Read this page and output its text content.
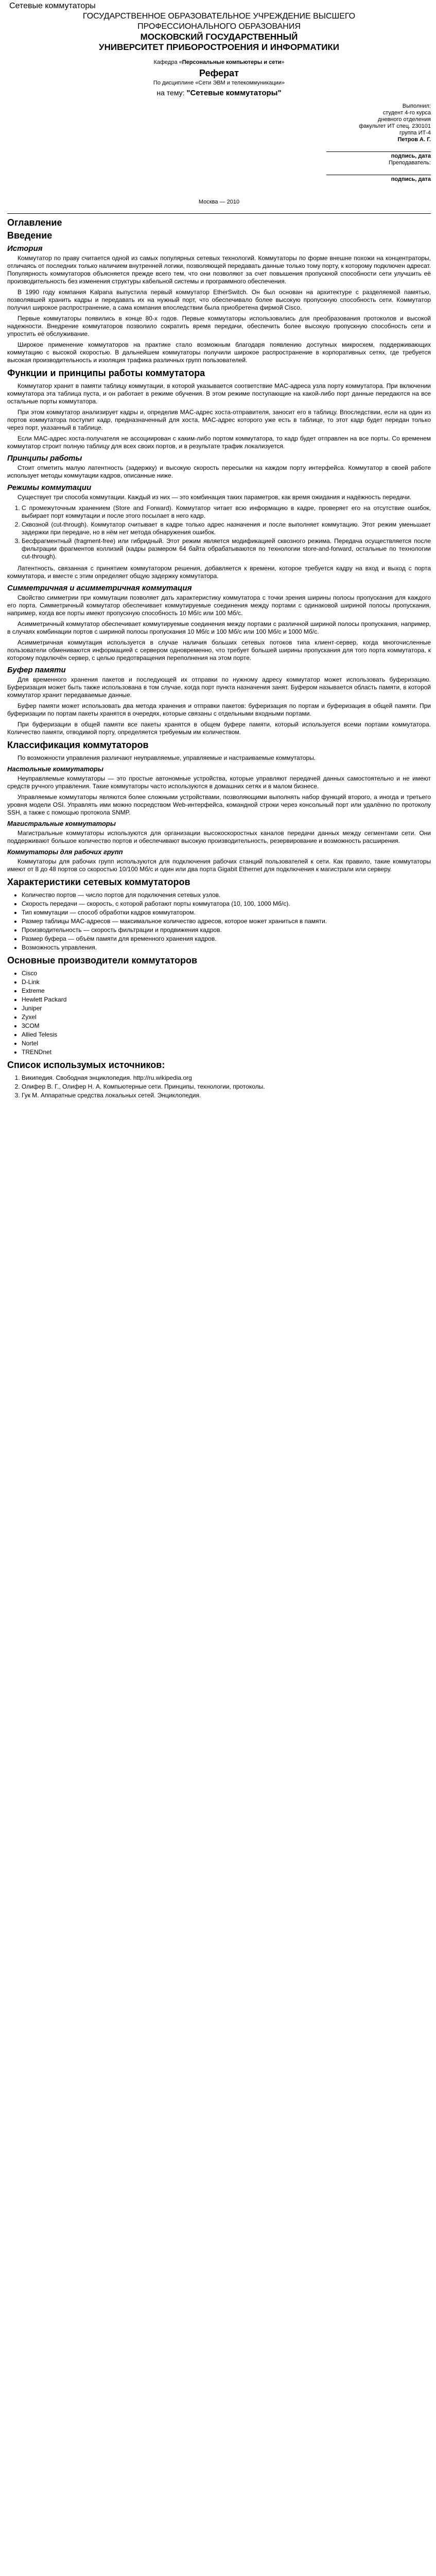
Сетевые коммутаторы
ГОСУДАРСТВЕННОЕ ОБРАЗОВАТЕЛЬНОЕ УЧРЕЖДЕНИЕ ВЫСШЕГО
ПРОФЕССИОНАЛЬНОГО ОБРАЗОВАНИЯ
МОСКОВСКИЙ ГОСУДАРСТВЕННЫЙ
УНИВЕРСИТЕТ ПРИБОРОСТРОЕНИЯ И ИНФОРМАТИКИ
Кафедра «Персональные компьютеры и сети»
Реферат
По дисциплине «Сети ЭВМ и телекоммуникации»
на тему: "Сетевые коммутаторы"
Выполнил:
студент 4-го курса
дневного отделения
факультет ИТ спец. 230101
группа ИТ-4
Петров А. Г.
подпись, дата
Преподаватель:
подпись, дата
Москва — 2010
Оглавление
Введение
История

Коммутатор по праву считается одной из самых популярных сетевых технологий. Коммутаторы по форме внешне похожи на концентраторы, отличаясь от последних только наличием внутренней логики, позволяющей передавать данные только тому порту, к которому подключен адресат. Популярность коммутаторов объясняется прежде всего тем, что они позволяют за счет повышения пропускной способности сети улучшить её производительность без изменения структуры кабельной системы и программного обеспечения.

В 1990 году компания Kalpana выпустила первый коммутатор EtherSwitch. Он был основан на архитектуре с разделяемой памятью, позволявшей хранить кадры и передавать их на нужный порт, что обеспечивало более высокую пропускную способность сети. Коммутатор получил широкое распространение, а сама компания впоследствии была приобретена фирмой Cisco.

Первые коммутаторы появились в конце 80-х годов. Первые коммутаторы использовались для преобразования протоколов и высокой надежности. Внедрение коммутаторов позволило сократить время передачи, обеспечить более высокую пропускную способность сети и упростить её обслуживание.

Широкое применение коммутаторов на практике стало возможным благодаря появлению доступных микросхем, поддерживающих коммутацию с высокой скоростью. В дальнейшем коммутаторы получили широкое распространение в корпоративных сетях, где требуется высокая производительность и изоляция трафика различных групп пользователей.

Функции и принципы работы коммутатора

Коммутатор хранит в памяти таблицу коммутации, в которой указывается соответствие MAC-адреса узла порту коммутатора. При включении коммутатора эта таблица пуста, и он работает в режиме обучения. В этом режиме поступающие на какой-либо порт данные передаются на все остальные порты коммутатора.

При этом коммутатор анализирует кадры и, определив MAC-адрес хоста-отправителя, заносит его в таблицу. Впоследствии, если на один из портов коммутатора поступит кадр, предназначенный для хоста, MAC-адрес которого уже есть в таблице, то этот кадр будет передан только через порт, указанный в таблице.

Если MAC-адрес хоста-получателя не ассоциирован с каким-либо портом коммутатора, то кадр будет отправлен на все порты. Со временем коммутатор строит полную таблицу для всех своих портов, и в результате трафик локализуется.

Принципы работы

Стоит отметить малую латентность (задержку) и высокую скорость пересылки на каждом порту интерфейса. Коммутатор в своей работе использует методы коммутации кадров, описанные ниже.

Режимы коммутации

Существует три способа коммутации. Каждый из них — это комбинация таких параметров, как время ожидания и надёжность передачи.

1. С промежуточным хранением (Store and Forward). Коммутатор читает всю информацию в кадре, проверяет его на отсутствие ошибок, выбирает порт коммутации и после этого посылает в него кадр.
2. Сквозной (cut-through). Коммутатор считывает в кадре только адрес назначения и после выполняет коммутацию. Этот режим уменьшает задержки при передаче, но в нём нет метода обнаружения ошибок.
3. Бесфрагментный (fragment-free) или гибридный. Этот режим является модификацией сквозного режима. Передача осуществляется после фильтрации фрагментов коллизий (кадры размером 64 байта обрабатываются по технологии store-and-forward, остальные по технологии cut-through).

Латентность, связанная с принятием коммутатором решения, добавляется к времени, которое требуется кадру на вход и выход с порта коммутатора, и вместе с этим определяет общую задержку коммутатора.

Симметричная и асимметричная коммутация

Свойство симметрии при коммутации позволяет дать характеристику коммутатора с точки зрения ширины полосы пропускания для каждого его порта. Симметричный коммутатор обеспечивает коммутируемые соединения между портами с одинаковой шириной полосы пропускания, например, когда все порты имеют пропускную способность 10 Мб/с или 100 Мб/с.

Асимметричный коммутатор обеспечивает коммутируемые соединения между портами с различной шириной полосы пропускания, например, в случаях комбинации портов с шириной полосы пропускания 10 Мб/с и 100 Мб/с или 100 Мб/с и 1000 Мб/с.

Асимметричная коммутация используется в случае наличия больших сетевых потоков типа клиент-сервер, когда многочисленные пользователи обмениваются информацией с сервером одновременно, что требует большей ширины пропускания для того порта коммутатора, к которому подключён сервер, с целью предотвращения переполнения на этом порте.

Буфер памяти

Для временного хранения пакетов и последующей их отправки по нужному адресу коммутатор может использовать буферизацию. Буферизация может быть также использована в том случае, когда порт пункта назначения занят. Буфером называется область памяти, в которой коммутатор хранит передаваемые данные.

Буфер памяти может использовать два метода хранения и отправки пакетов: буферизация по портам и буферизация в общей памяти. При буферизации по портам пакеты хранятся в очередях, которые связаны с отдельными входными портами.

При буферизации в общей памяти все пакеты хранятся в общем буфере памяти, который используется всеми портами коммутатора. Количество памяти, отводимой порту, определяется требуемым им количеством.

Классификация коммутаторов

По возможности управления различают неуправляемые, управляемые и настраиваемые коммутаторы.

Настольные коммутаторы

Неуправляемые коммутаторы — это простые автономные устройства, которые управляют передачей данных самостоятельно и не имеют средств ручного управления. Такие коммутаторы часто используются в домашних сетях и в малом бизнесе.

Управляемые коммутаторы являются более сложными устройствами, позволяющими выполнять набор функций второго, а иногда и третьего уровня модели OSI. Управлять ими можно посредством Web-интерфейса, командной строки через консольный порт или удалённо по протоколу SSH, а также с помощью протокола SNMP.

Магистральные коммутаторы

Магистральные коммутаторы используются для организации высокоскоростных каналов передачи данных между сегментами сети. Они поддерживают большое количество портов и обеспечивают высокую производительность, резервирование и возможность расширения.

Коммутаторы для рабочих групп

Коммутаторы для рабочих групп используются для подключения рабочих станций пользователей к сети. Как правило, такие коммутаторы имеют от 8 до 48 портов со скоростью 10/100 Мб/с и один или два порта Gigabit Ethernet для подключения к магистрали или серверу.

Характеристики сетевых коммутаторов
• Количество портов — число портов для подключения сетевых узлов.
• Скорость передачи — скорость, с которой работают порты коммутатора (10, 100, 1000 Мб/с).
• Тип коммутации — способ обработки кадров коммутатором.
• Размер таблицы MAC-адресов — максимальное количество адресов, которое может храниться в памяти.
• Производительность — скорость фильтрации и продвижения кадров.
• Размер буфера — объём памяти для временного хранения кадров.
• Возможность управления.
Основные производители коммутаторов
• Cisco
• D-Link
• Extreme
• Hewlett Packard
• Juniper
• Zyxel
• 3COM
• Allied Telesis
• Nortel
• TRENDnet
Список использумых источников:
1. Википедия. Свободная энциклопедия. http://ru.wikipedia.org
2. Олифер В. Г., Олифер Н. А. Компьютерные сети. Принципы, технологии, протоколы.
3. Гук М. Аппаратные средства локальных сетей. Энциклопедия.
